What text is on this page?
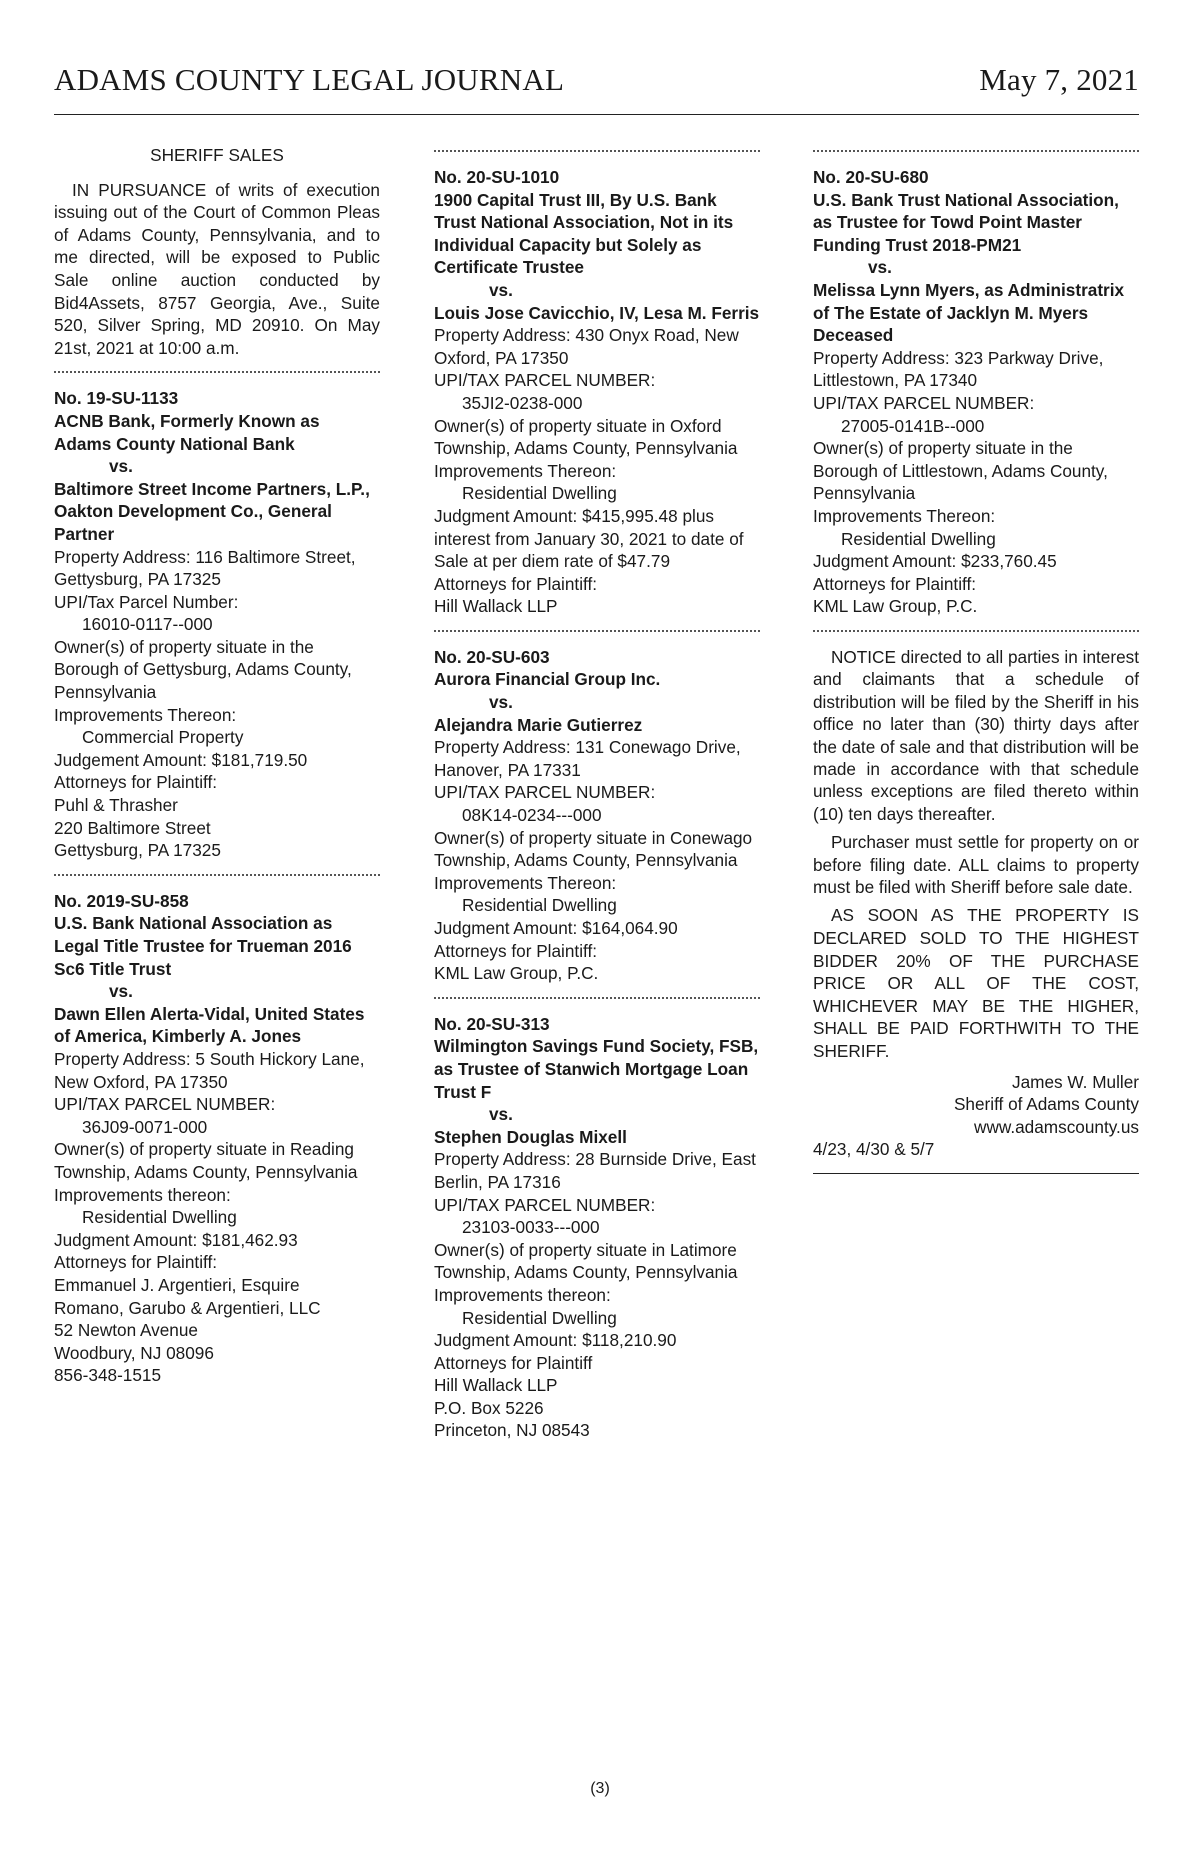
ADAMS COUNTY LEGAL JOURNAL	May 7, 2021
SHERIFF SALES

IN PURSUANCE of writs of execution issuing out of the Court of Common Pleas of Adams County, Pennsylvania, and to me directed, will be exposed to Public Sale online auction conducted by Bid4Assets, 8757 Georgia, Ave., Suite 520, Silver Spring, MD 20910. On May 21st, 2021 at 10:00 a.m.

No. 19-SU-1133
ACNB Bank, Formerly Known as Adams County National Bank
vs.
Baltimore Street Income Partners, L.P., Oakton Development Co., General Partner
Property Address: 116 Baltimore Street, Gettysburg, PA 17325
UPI/Tax Parcel Number:
16010-0117--000
Owner(s) of property situate in the Borough of Gettysburg, Adams County, Pennsylvania
Improvements Thereon:
Commercial Property
Judgement Amount: $181,719.50
Attorneys for Plaintiff:
Puhl & Thrasher
220 Baltimore Street
Gettysburg, PA 17325
No. 2019-SU-858
U.S. Bank National Association as Legal Title Trustee for Trueman 2016 Sc6 Title Trust
vs.
Dawn Ellen Alerta-Vidal, United States of America, Kimberly A. Jones
Property Address: 5 South Hickory Lane, New Oxford, PA 17350
UPI/TAX PARCEL NUMBER:
36J09-0071-000
Owner(s) of property situate in Reading Township, Adams County, Pennsylvania
Improvements thereon:
Residential Dwelling
Judgment Amount: $181,462.93
Attorneys for Plaintiff:
Emmanuel J. Argentieri, Esquire
Romano, Garubo & Argentieri, LLC
52 Newton Avenue
Woodbury, NJ 08096
856-348-1515
No. 20-SU-1010
1900 Capital Trust III, By U.S. Bank Trust National Association, Not in its Individual Capacity but Solely as Certificate Trustee
vs.
Louis Jose Cavicchio, IV, Lesa M. Ferris
Property Address: 430 Onyx Road, New Oxford, PA 17350
UPI/TAX PARCEL NUMBER:
35JI2-0238-000
Owner(s) of property situate in Oxford Township, Adams County, Pennsylvania
Improvements Thereon:
Residential Dwelling
Judgment Amount: $415,995.48 plus interest from January 30, 2021 to date of Sale at per diem rate of $47.79
Attorneys for Plaintiff:
Hill Wallack LLP
No. 20-SU-603
Aurora Financial Group Inc.
vs.
Alejandra Marie Gutierrez
Property Address: 131 Conewago Drive, Hanover, PA 17331
UPI/TAX PARCEL NUMBER:
08K14-0234---000
Owner(s) of property situate in Conewago Township, Adams County, Pennsylvania
Improvements Thereon:
Residential Dwelling
Judgment Amount: $164,064.90
Attorneys for Plaintiff:
KML Law Group, P.C.
No. 20-SU-313
Wilmington Savings Fund Society, FSB, as Trustee of Stanwich Mortgage Loan Trust F
vs.
Stephen Douglas Mixell
Property Address: 28 Burnside Drive, East Berlin, PA 17316
UPI/TAX PARCEL NUMBER:
23103-0033---000
Owner(s) of property situate in Latimore Township, Adams County, Pennsylvania
Improvements thereon:
Residential Dwelling
Judgment Amount: $118,210.90
Attorneys for Plaintiff
Hill Wallack LLP
P.O. Box 5226
Princeton, NJ 08543
No. 20-SU-680
U.S. Bank Trust National Association, as Trustee for Towd Point Master Funding Trust 2018-PM21
vs.
Melissa Lynn Myers, as Administratrix of The Estate of Jacklyn M. Myers Deceased
Property Address: 323 Parkway Drive, Littlestown, PA 17340
UPI/TAX PARCEL NUMBER:
27005-0141B--000
Owner(s) of property situate in the Borough of Littlestown, Adams County, Pennsylvania
Improvements Thereon:
Residential Dwelling
Judgment Amount: $233,760.45
Attorneys for Plaintiff:
KML Law Group, P.C.

NOTICE directed to all parties in interest and claimants that a schedule of distribution will be filed by the Sheriff in his office no later than (30) thirty days after the date of sale and that distribution will be made in accordance with that schedule unless exceptions are filed thereto within (10) ten days thereafter.

Purchaser must settle for property on or before filing date. ALL claims to property must be filed with Sheriff before sale date.

AS SOON AS THE PROPERTY IS DECLARED SOLD TO THE HIGHEST BIDDER 20% OF THE PURCHASE PRICE OR ALL OF THE COST, WHICHEVER MAY BE THE HIGHER, SHALL BE PAID FORTHWITH TO THE SHERIFF.

James W. Muller
Sheriff of Adams County
www.adamscounty.us
4/23, 4/30 & 5/7
(3)
